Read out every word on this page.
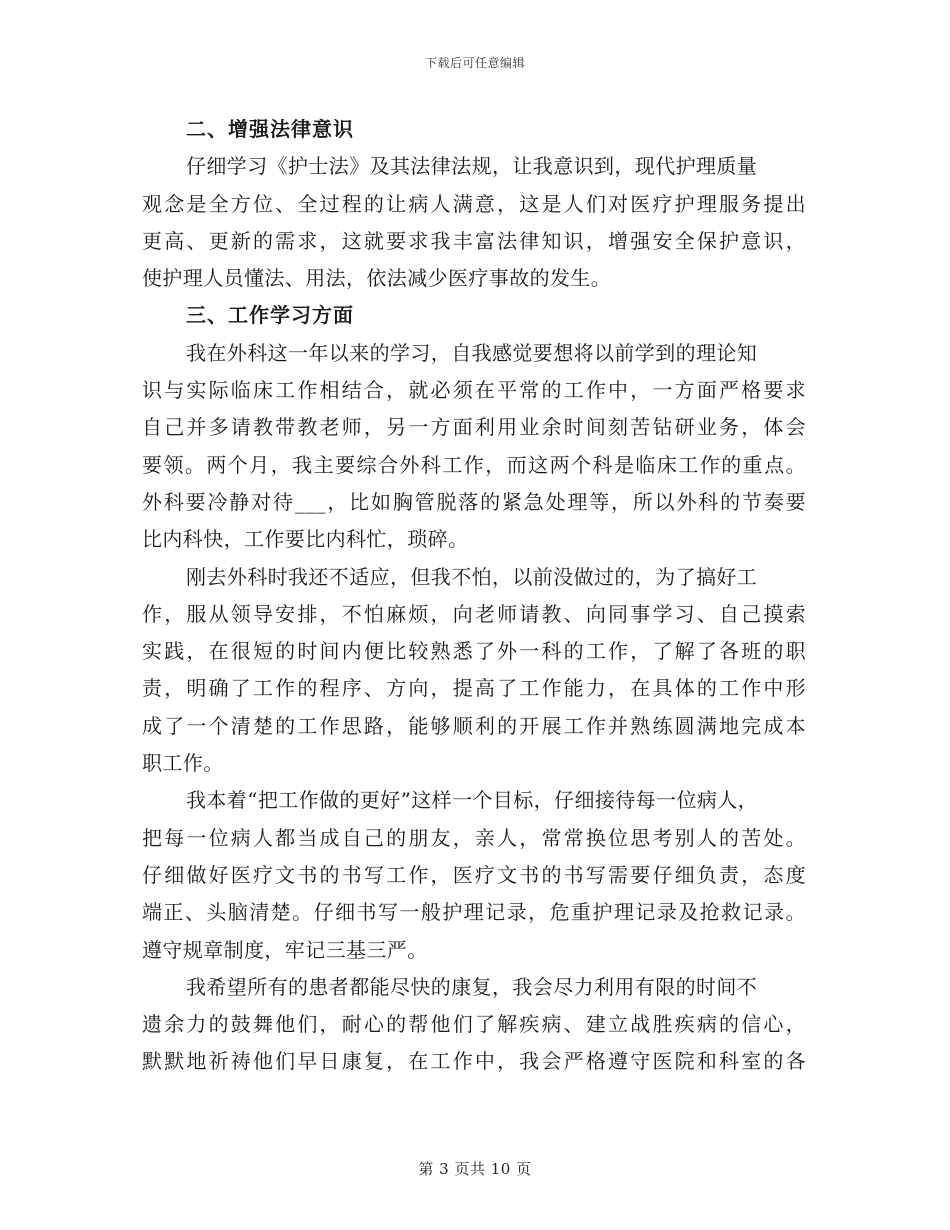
下载后可任意编辑
二、增强法律意识
仔细学习《护士法》及其法律法规，让我意识到，现代护理质量
观念是全方位、全过程的让病人满意，这是人们对医疗护理服务提出
更高、更新的需求，这就要求我丰富法律知识，增强安全保护意识，
使护理人员懂法、用法，依法减少医疗事故的发生。
三、工作学习方面
我在外科这一年以来的学习，自我感觉要想将以前学到的理论知
识与实际临床工作相结合，就必须在平常的工作中，一方面严格要求
自己并多请教带教老师，另一方面利用业余时间刻苦钻研业务，体会
要领。两个月，我主要综合外科工作，而这两个科是临床工作的重点。
外科要冷静对待___，比如胸管脱落的紧急处理等，所以外科的节奏要
比内科快，工作要比内科忙，琐碎。
刚去外科时我还不适应，但我不怕，以前没做过的，为了搞好工
作，服从领导安排，不怕麻烦，向老师请教、向同事学习、自己摸索
实践，在很短的时间内便比较熟悉了外一科的工作，了解了各班的职
责，明确了工作的程序、方向，提高了工作能力，在具体的工作中形
成了一个清楚的工作思路，能够顺利的开展工作并熟练圆满地完成本
职工作。
我本着“把工作做的更好”这样一个目标，仔细接待每一位病人，
把每一位病人都当成自己的朋友，亲人，常常换位思考别人的苦处。
仔细做好医疗文书的书写工作，医疗文书的书写需要仔细负责，态度
端正、头脑清楚。仔细书写一般护理记录，危重护理记录及抢救记录。
遵守规章制度，牢记三基三严。
我希望所有的患者都能尽快的康复，我会尽力利用有限的时间不
遗余力的鼓舞他们，耐心的帮他们了解疾病、建立战胜疾病的信心，
默默地祈祷他们早日康复，在工作中，我会严格遵守医院和科室的各
第 3 页共 10 页
